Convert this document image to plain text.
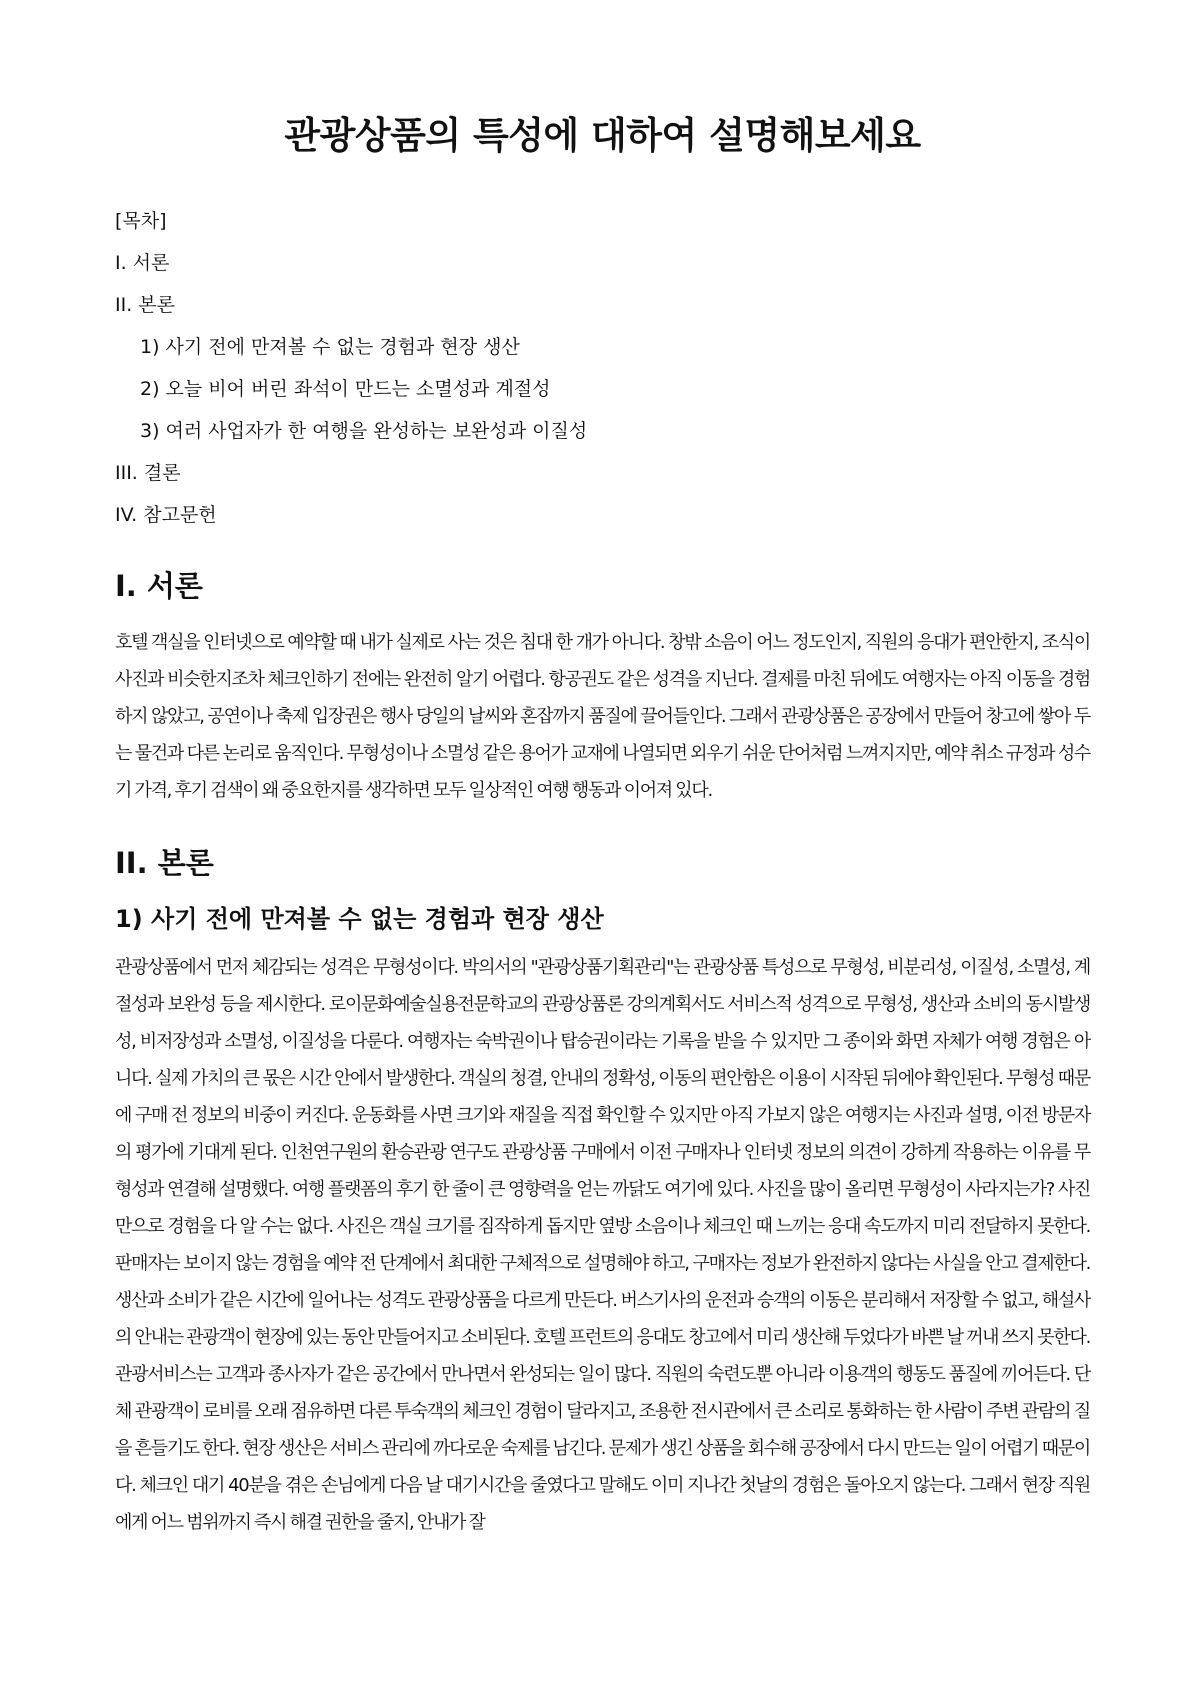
관광상품의 특성에 대하여 설명해보세요
[목차]
I. 서론
II. 본론
1) 사기 전에 만져볼 수 없는 경험과 현장 생산
2) 오늘 비어 버린 좌석이 만드는 소멸성과 계절성
3) 여러 사업자가 한 여행을 완성하는 보완성과 이질성
III. 결론
IV. 참고문헌
I. 서론

호텔 객실을 인터넷으로 예약할 때 내가 실제로 사는 것은 침대 한 개가 아니다. 창밖 소음이 어느 정도인지, 직원의 응대가 편안한지, 조식이 사진과 비슷한지조차 체크인하기 전에는 완전히 알기 어렵다. 항공권도 같은 성격을 지닌다. 결제를 마친 뒤에도 여행자는 아직 이동을 경험하지 않았고, 공연이나 축제 입장권은 행사 당일의 날씨와 혼잡까지 품질에 끌어들인다. 그래서 관광상품은 공장에서 만들어 창고에 쌓아 두는 물건과 다른 논리로 움직인다. 무형성이나 소멸성 같은 용어가 교재에 나열되면 외우기 쉬운 단어처럼 느껴지지만, 예약 취소 규정과 성수기 가격, 후기 검색이 왜 중요한지를 생각하면 모두 일상적인 여행 행동과 이어져 있다.

II. 본론
1) 사기 전에 만져볼 수 없는 경험과 현장 생산

관광상품에서 먼저 체감되는 성격은 무형성이다. 박의서의 "관광상품기획관리"는 관광상품 특성으로 무형성, 비분리성, 이질성, 소멸성, 계절성과 보완성 등을 제시한다. 로이문화예술실용전문학교의 관광상품론 강의계획서도 서비스적 성격으로 무형성, 생산과 소비의 동시발생성, 비저장성과 소멸성, 이질성을 다룬다. 여행자는 숙박권이나 탑승권이라는 기록을 받을 수 있지만 그 종이와 화면 자체가 여행 경험은 아니다. 실제 가치의 큰 몫은 시간 안에서 발생한다. 객실의 청결, 안내의 정확성, 이동의 편안함은 이용이 시작된 뒤에야 확인된다. 무형성 때문에 구매 전 정보의 비중이 커진다. 운동화를 사면 크기와 재질을 직접 확인할 수 있지만 아직 가보지 않은 여행지는 사진과 설명, 이전 방문자의 평가에 기대게 된다. 인천연구원의 환승관광 연구도 관광상품 구매에서 이전 구매자나 인터넷 정보의 의견이 강하게 작용하는 이유를 무형성과 연결해 설명했다. 여행 플랫폼의 후기 한 줄이 큰 영향력을 얻는 까닭도 여기에 있다. 사진을 많이 올리면 무형성이 사라지는가? 사진만으로 경험을 다 알 수는 없다. 사진은 객실 크기를 짐작하게 돕지만 옆방 소음이나 체크인 때 느끼는 응대 속도까지 미리 전달하지 못한다. 판매자는 보이지 않는 경험을 예약 전 단계에서 최대한 구체적으로 설명해야 하고, 구매자는 정보가 완전하지 않다는 사실을 안고 결제한다. 생산과 소비가 같은 시간에 일어나는 성격도 관광상품을 다르게 만든다. 버스기사의 운전과 승객의 이동은 분리해서 저장할 수 없고, 해설사의 안내는 관광객이 현장에 있는 동안 만들어지고 소비된다. 호텔 프런트의 응대도 창고에서 미리 생산해 두었다가 바쁜 날 꺼내 쓰지 못한다. 관광서비스는 고객과 종사자가 같은 공간에서 만나면서 완성되는 일이 많다. 직원의 숙련도뿐 아니라 이용객의 행동도 품질에 끼어든다. 단체 관광객이 로비를 오래 점유하면 다른 투숙객의 체크인 경험이 달라지고, 조용한 전시관에서 큰 소리로 통화하는 한 사람이 주변 관람의 질을 흔들기도 한다. 현장 생산은 서비스 관리에 까다로운 숙제를 남긴다. 문제가 생긴 상품을 회수해 공장에서 다시 만드는 일이 어렵기 때문이다. 체크인 대기 40분을 겪은 손님에게 다음 날 대기시간을 줄였다고 말해도 이미 지나간 첫날의 경험은 돌아오지 않는다. 그래서 현장 직원에게 어느 범위까지 즉시 해결 권한을 줄지, 안내가 잘
